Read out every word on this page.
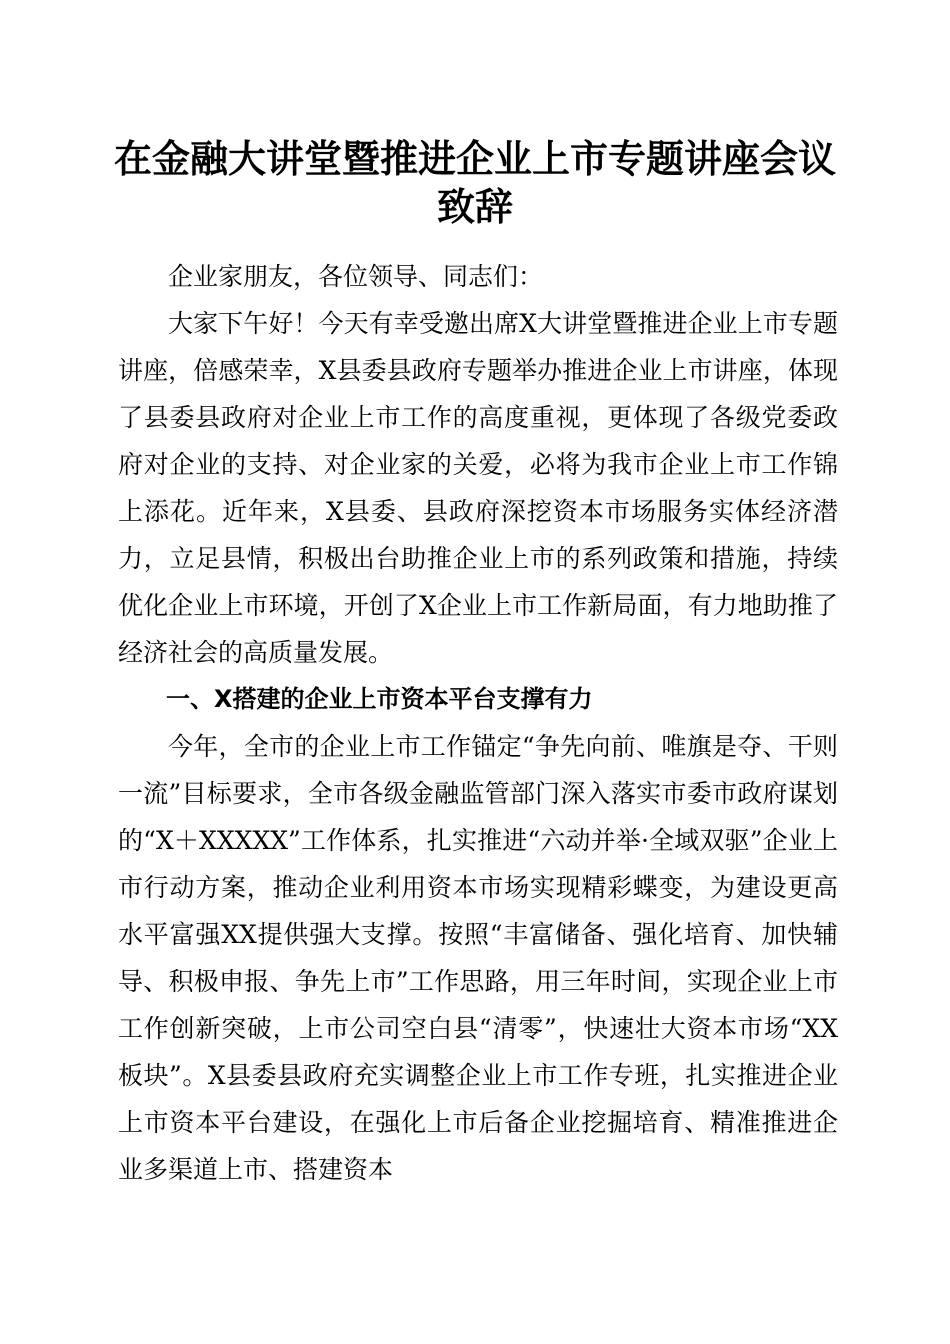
在金融大讲堂暨推进企业上市专题讲座会议致辞

企业家朋友，各位领导、同志们：

大家下午好！今天有幸受邀出席X大讲堂暨推进企业上市专题讲座，倍感荣幸，X县委县政府专题举办推进企业上市讲座，体现了县委县政府对企业上市工作的高度重视，更体现了各级党委政府对企业的支持、对企业家的关爱，必将为我市企业上市工作锦上添花。近年来，X县委、县政府深挖资本市场服务实体经济潜力，立足县情，积极出台助推企业上市的系列政策和措施，持续优化企业上市环境，开创了X企业上市工作新局面，有力地助推了经济社会的高质量发展。

一、X搭建的企业上市资本平台支撑有力

今年，全市的企业上市工作锚定“争先向前、唯旗是夺、干则一流”目标要求，全市各级金融监管部门深入落实市委市政府谋划的“X＋XXXXX”工作体系，扎实推进“六动并举·全域双驱”企业上市行动方案，推动企业利用资本市场实现精彩蝶变，为建设更高水平富强XX提供强大支撑。按照“丰富储备、强化培育、加快辅导、积极申报、争先上市”工作思路，用三年时间，实现企业上市工作创新突破，上市公司空白县“清零”，快速壮大资本市场“XX板块”。X县委县政府充实调整企业上市工作专班，扎实推进企业上市资本平台建设，在强化上市后备企业挖掘培育、精准推进企业多渠道上市、搭建资本
